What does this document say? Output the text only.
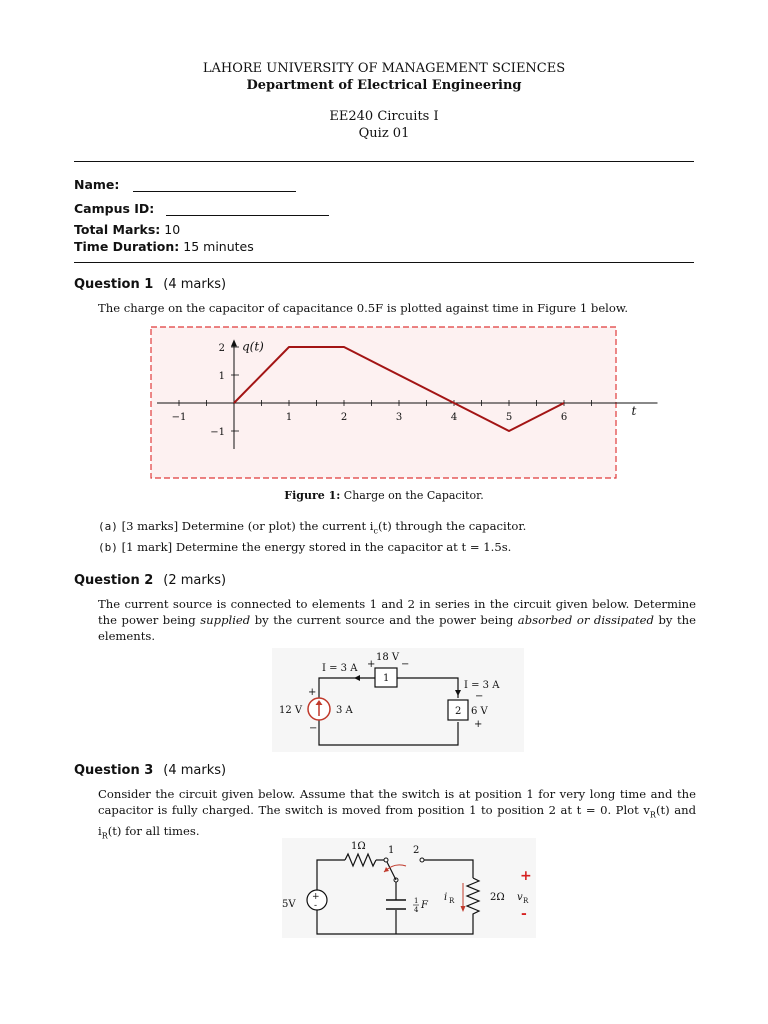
LAHORE UNIVERSITY OF MANAGEMENT SCIENCES
Department of Electrical Engineering
EE240 Circuits I
Quiz 01
Name:
Campus ID:
Total Marks: 10
Time Duration: 15 minutes
Question 1 (4 marks)
The charge on the capacitor of capacitance 0.5F is plotted against time in Figure 1 below.
−1	1	2	3	4	5	6
−1
1
2 q(t)
t
Figure 1: Charge on the Capacitor.
(a) [3 marks] Determine (or plot) the current $i_c(t)$ through the capacitor.
(b) [1 mark] Determine the energy stored in the capacitor at t = 1.5s.
Question 2 (2 marks)
The current source is connected to elements 1 and 2 in series in the circuit given below. Determine the power being supplied by the current source and the power being absorbed or dissipated by the elements.
I = 3 A +
18 V
−
1
I = 3 A
−
2 6 V
+
+
12 V	3 A
−
Question 3 (4 marks)
Consider the circuit given below. Assume that the switch is at position 1 for very long time and the capacitor is fully charged. The switch is moved from position 1 to position 2 at t = 0. Plot $v_R(t)$ and $i_R(t)$ for all times.
1Ω 1 2
+
-
5V	1
4 F
i R	2Ω v R
+
-
